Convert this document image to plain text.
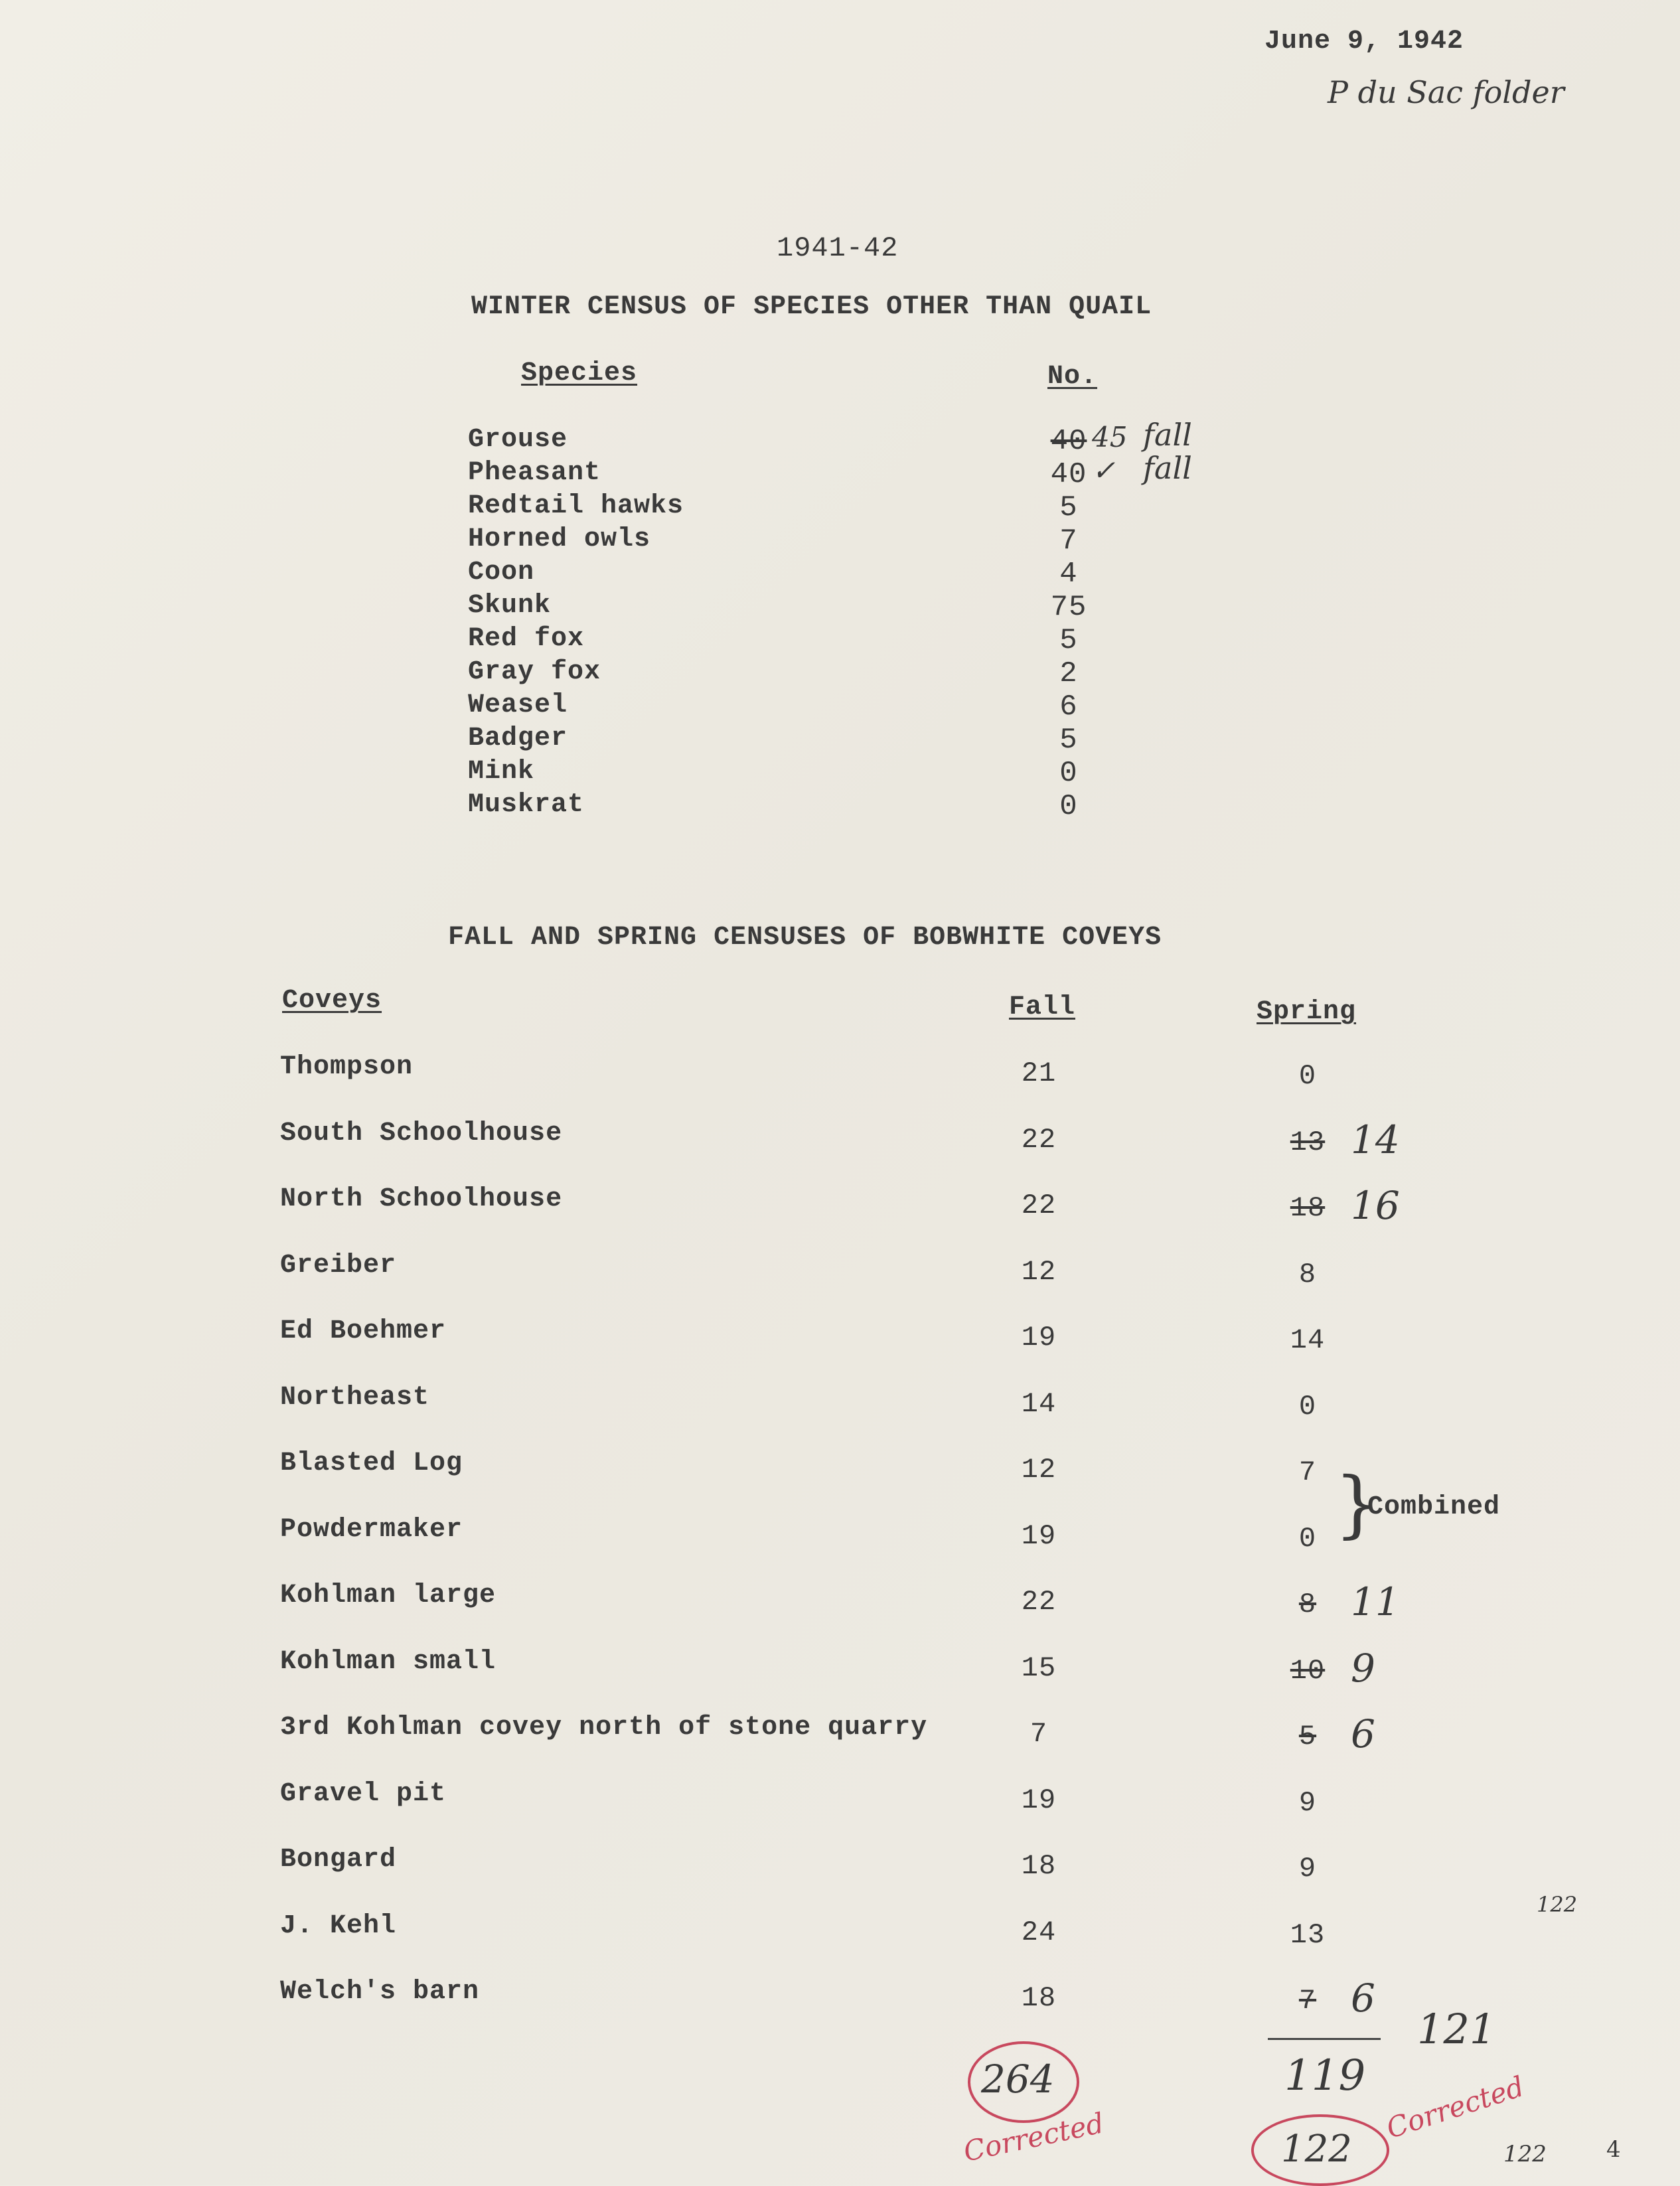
June 9, 1942
P du Sac folder
1941-42
WINTER CENSUS OF SPECIES OTHER THAN QUAIL
Species	No.
Grouse	40 45 fall
Pheasant	40 ✓ fall
Redtail hawks	5
Horned owls	7
Coon	4
Skunk	75
Red fox	5
Gray fox	2
Weasel	6
Badger	5
Mink	0
Muskrat	0
FALL AND SPRING CENSUSES OF BOBWHITE COVEYS
Coveys	Fall	Spring
Thompson	21	0
South Schoolhouse	22	13 14
North Schoolhouse	22	18 16
Greiber	12	8
Ed Boehmer	19	14
Northeast	14	0
Blasted Log	12	7
Powdermaker	19	0
Kohlman large	22	8 11
Kohlman small	15	10 9
3rd Kohlman covey north of stone quarry	7	5 6
Gravel pit	19	9
Bongard	18	9
J. Kehl	24	13
Welch's barn	18	7 6
}
Combined
119
121
122
264
Corrected	122
Corrected
122	4
